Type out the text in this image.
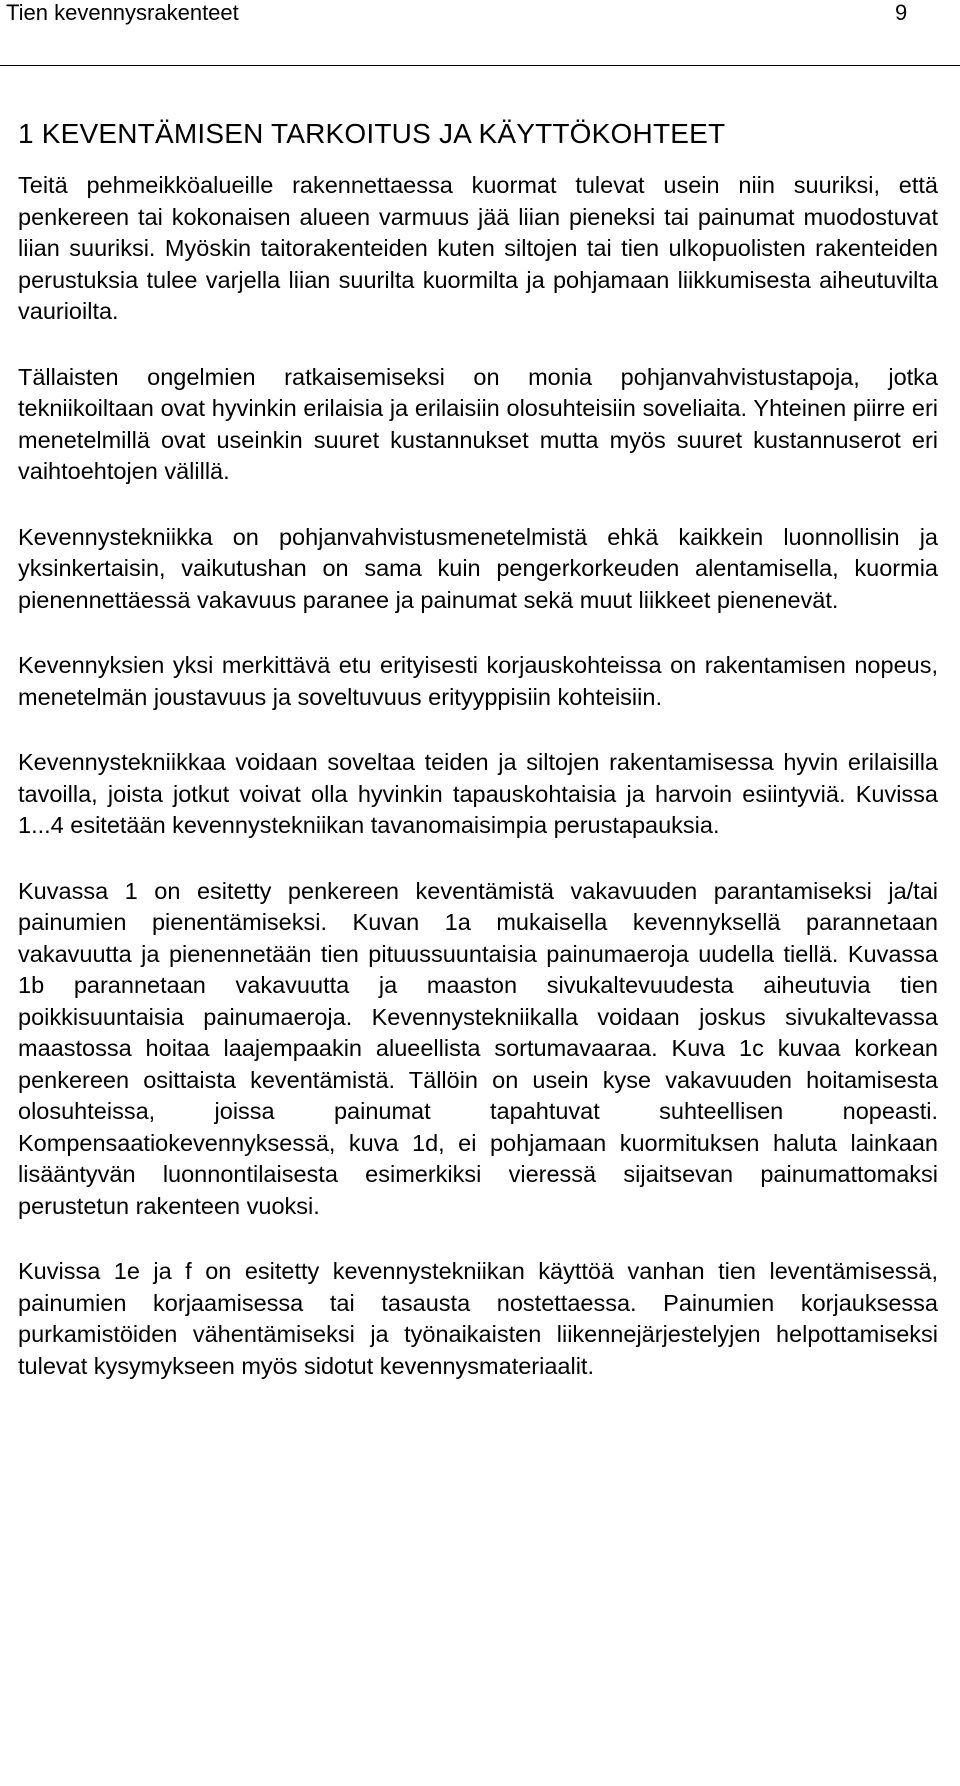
Tien kevennysrakenteet	9
1 KEVENTÄMISEN TARKOITUS JA KÄYTTÖKOHTEET

Teitä pehmeikköalueille rakennettaessa kuormat tulevat usein niin suuriksi, että penkereen tai kokonaisen alueen varmuus jää liian pieneksi tai painumat muodostuvat liian suuriksi. Myöskin taitorakenteiden kuten siltojen tai tien ulkopuolisten rakenteiden perustuksia tulee varjella liian suurilta kuormilta ja pohjamaan liikkumisesta aiheutuvilta vaurioilta.

Tällaisten ongelmien ratkaisemiseksi on monia pohjanvahvistustapoja, jotka tekniikoiltaan ovat hyvinkin erilaisia ja erilaisiin olosuhteisiin soveliaita. Yhteinen piirre eri menetelmillä ovat useinkin suuret kustannukset mutta myös suuret kustannuserot eri vaihtoehtojen välillä.

Kevennystekniikka on pohjanvahvistusmenetelmistä ehkä kaikkein luonnollisin ja yksinkertaisin, vaikutushan on sama kuin pengerkorkeuden alentamisella, kuormia pienennettäessä vakavuus paranee ja painumat sekä muut liikkeet pienenevät.

Kevennyksien yksi merkittävä etu erityisesti korjauskohteissa on rakentamisen nopeus, menetelmän joustavuus ja soveltuvuus erityyppisiin kohteisiin.

Kevennystekniikkaa voidaan soveltaa teiden ja siltojen rakentamisessa hyvin erilaisilla tavoilla, joista jotkut voivat olla hyvinkin tapauskohtaisia ja harvoin esiintyviä. Kuvissa 1...4 esitetään kevennystekniikan tavanomaisimpia perustapauksia.

Kuvassa 1 on esitetty penkereen keventämistä vakavuuden parantamiseksi ja/tai painumien pienentämiseksi. Kuvan 1a mukaisella kevennyksellä parannetaan vakavuutta ja pienennetään tien pituussuuntaisia painumaeroja uudella tiellä. Kuvassa 1b parannetaan vakavuutta ja maaston sivukaltevuudesta aiheutuvia tien poikkisuuntaisia painumaeroja. Kevennystekniikalla voidaan joskus sivukaltevassa maastossa hoitaa laajempaakin alueellista sortumavaaraa. Kuva 1c kuvaa korkean penkereen osittaista keventämistä. Tällöin on usein kyse vakavuuden hoitamisesta olosuhteissa, joissa painumat tapahtuvat suhteellisen nopeasti. Kompensaatiokevennyksessä, kuva 1d, ei pohjamaan kuormituksen haluta lainkaan lisääntyvän luonnontilaisesta esimerkiksi vieressä sijaitsevan painumattomaksi perustetun rakenteen vuoksi.

Kuvissa 1e ja f on esitetty kevennystekniikan käyttöä vanhan tien leventämisessä, painumien korjaamisessa tai tasausta nostettaessa. Painumien korjauksessa purkamistöiden vähentämiseksi ja työnaikaisten liikennejärjestelyjen helpottamiseksi tulevat kysymykseen myös sidotut kevennysmateriaalit.
